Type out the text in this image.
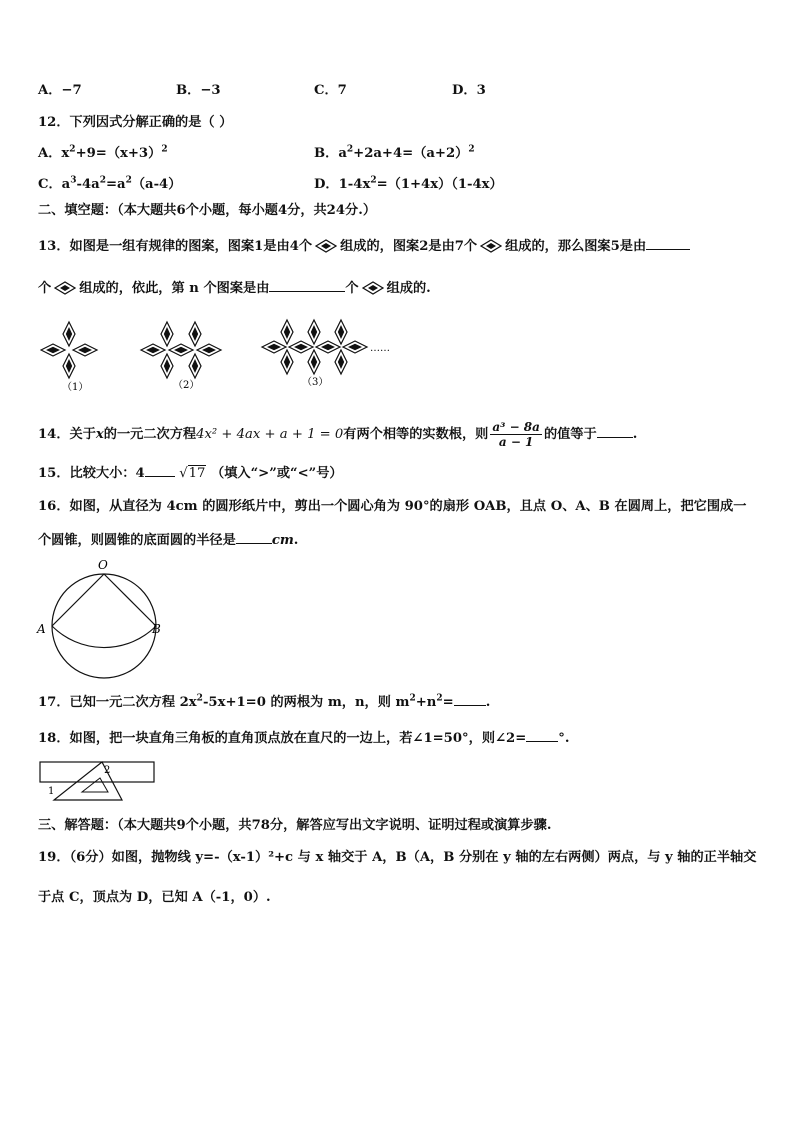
A．−7	B．−3	C．7	D．3
12．下列因式分解正确的是（ ）
A．$x^2+9=(x+3)^2$	B．$a^2+2a+4=(a+2)^2$
C．$a^3-4a^2=a^2(a-4)$	D．$1-4x^2=(1+4x)(1-4x)$
二、填空题：（本大题共6个小题，每小题4分，共24分.）
13．如图是一组有规律的图案，图案1是由4个 组成的，图案2是由7个 组成的，那么图案5是由
个 组成的，依此，第 n 个图案是由	个 组成的.
……
（1）	（2）	（3）
14．关于x的一元二次方程4x² + 4ax + a + 1 = 0有两个相等的实数根，则 $\frac{\text{a³ − 8a}}{a - 1}$ 的值等于	.
15．比较大小：4	√17 （填入“>”或“<”号）
16．如图，从直径为 4cm 的圆形纸片中，剪出一个圆心角为 90°的扇形 OAB，且点 O、A、B 在圆周上，把它围成一
个圆锥，则圆锥的底面圆的半径是	cm.
O
A	B
17．已知一元二次方程 $2x^2-5x+1=0$ 的两根为 m，n，则 $m^2+n^2=$ .
18．如图，把一块直角三角板的直角顶点放在直尺的一边上，若∠1=50°，则∠2= °.
2
1
三、解答题：（本大题共9个小题，共78分，解答应写出文字说明、证明过程或演算步骤.
19．（6分）如图，抛物线 y=-（x-1）²+c 与 x 轴交于 A，B（A，B 分别在 y 轴的左右两侧）两点，与 y 轴的正半轴交
于点 C，顶点为 D，已知 A（-1，0）.
